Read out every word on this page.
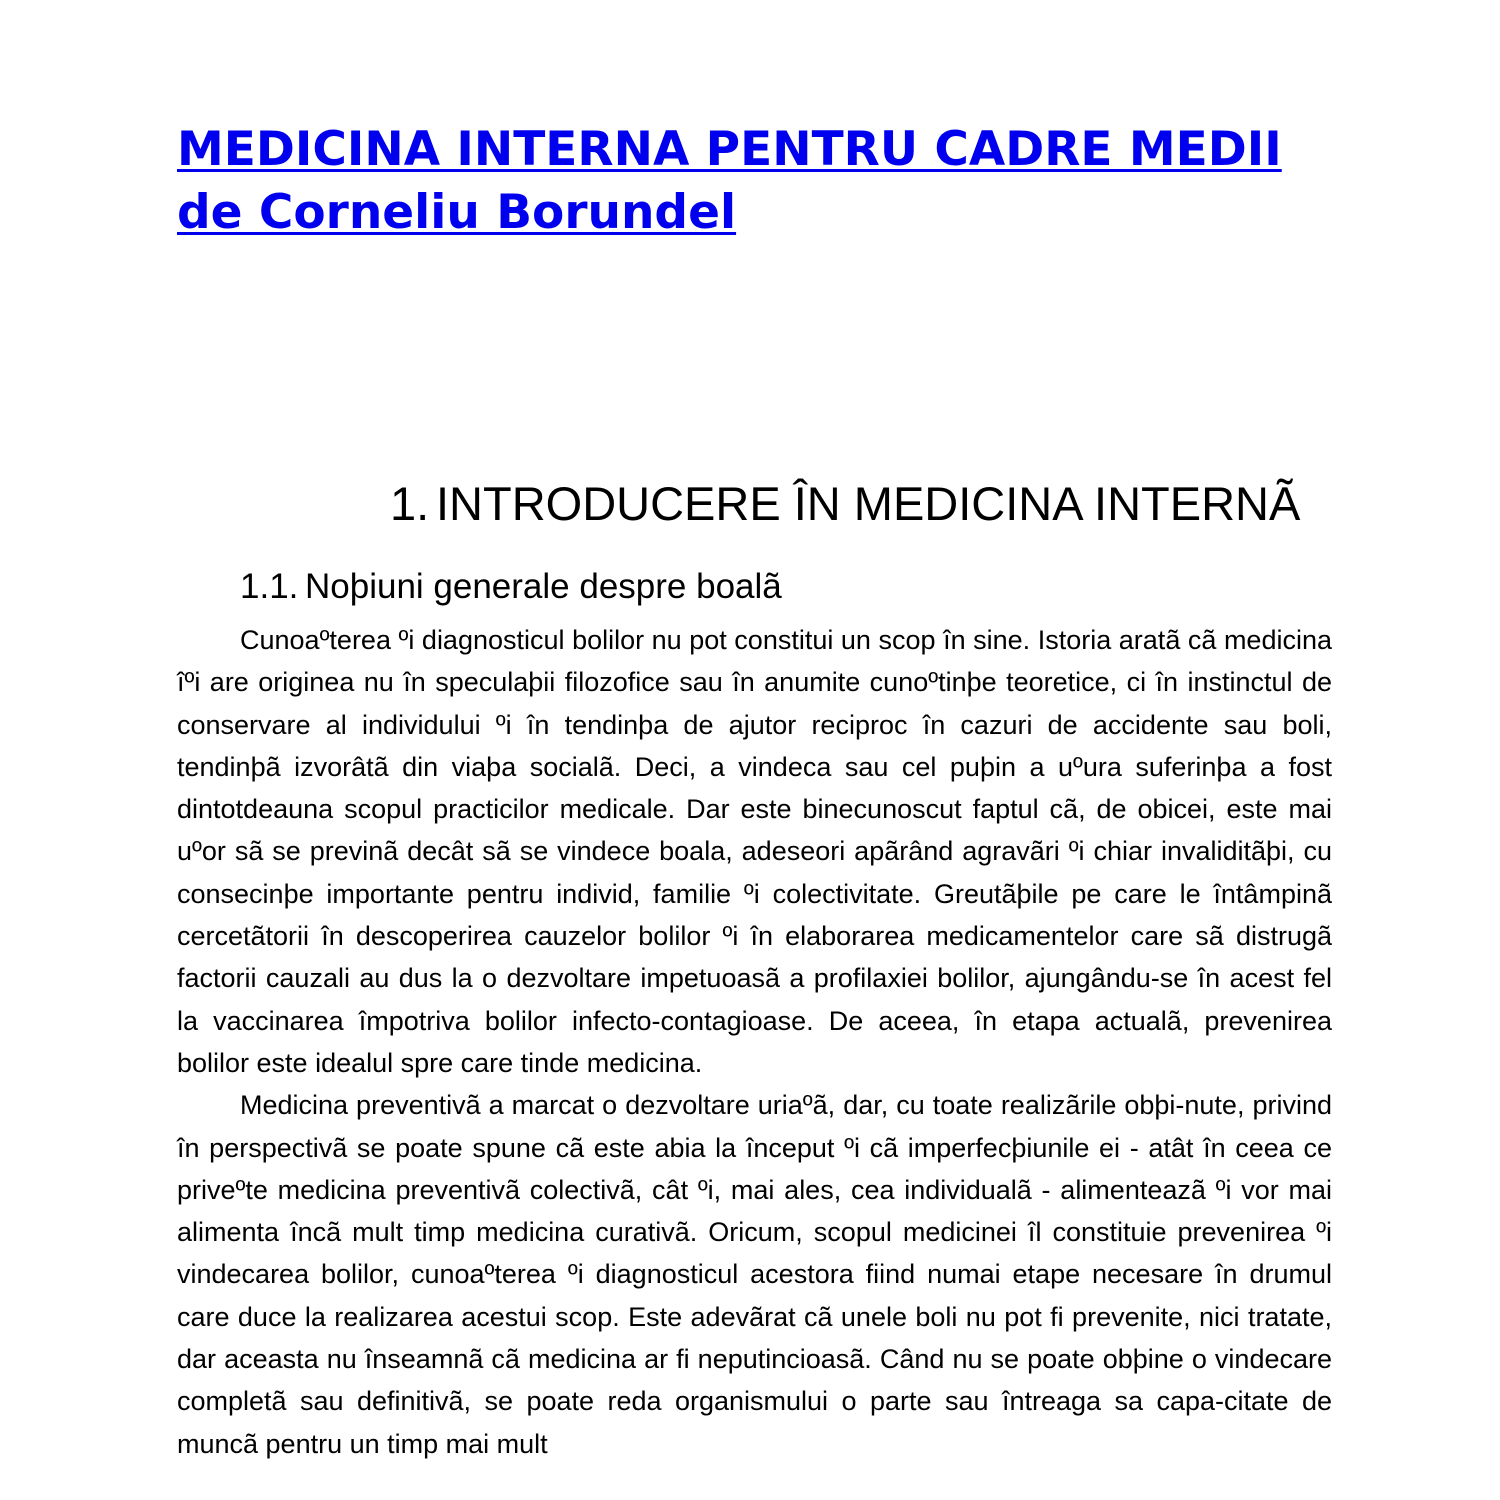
MEDICINA INTERNA PENTRU CADRE MEDII de Corneliu Borundel
1. INTRODUCERE ÎN MEDICINA INTERNÃ
1.1. Noþiuni generale despre boalã

Cunoaºterea ºi diagnosticul bolilor nu pot constitui un scop în sine. Istoria aratã cã medicina îºi are originea nu în speculaþii filozofice sau în anumite cunoºtinþe teoretice, ci în instinctul de conservare al individului ºi în tendinþa de ajutor reciproc în cazuri de accidente sau boli, tendinþã izvorâtã din viaþa socialã. Deci, a vindeca sau cel puþin a uºura suferinþa a fost dintotdeauna scopul practicilor medicale. Dar este binecunoscut faptul cã, de obicei, este mai uºor sã se previnã decât sã se vindece boala, adeseori apãrând agravãri ºi chiar invaliditãþi, cu consecinþe importante pentru individ, familie ºi colectivitate. Greutãþile pe care le întâmpinã cercetãtorii în descoperirea cauzelor bolilor ºi în elaborarea medicamentelor care sã distrugã factorii cauzali au dus la o dezvoltare impetuoasã a profilaxiei bolilor, ajungându-se în acest fel la vaccinarea împotriva bolilor infecto-contagioase. De aceea, în etapa actualã, prevenirea bolilor este idealul spre care tinde medicina.

Medicina preventivã a marcat o dezvoltare uriaºã, dar, cu toate realizãrile obþi-nute, privind în perspectivã se poate spune cã este abia la început ºi cã imperfecþiunile ei - atât în ceea ce priveºte medicina preventivã colectivã, cât ºi, mai ales, cea individualã - alimenteazã ºi vor mai alimenta încã mult timp medicina curativã. Oricum, scopul medicinei îl constituie prevenirea ºi vindecarea bolilor, cunoaºterea ºi diagnosticul acestora fiind numai etape necesare în drumul care duce la realizarea acestui scop. Este adevãrat cã unele boli nu pot fi prevenite, nici tratate, dar aceasta nu înseamnã cã medicina ar fi neputincioasã. Când nu se poate obþine o vindecare completã sau definitivã, se poate reda organismului o parte sau întreaga sa capa-citate de muncã pentru un timp mai mult
